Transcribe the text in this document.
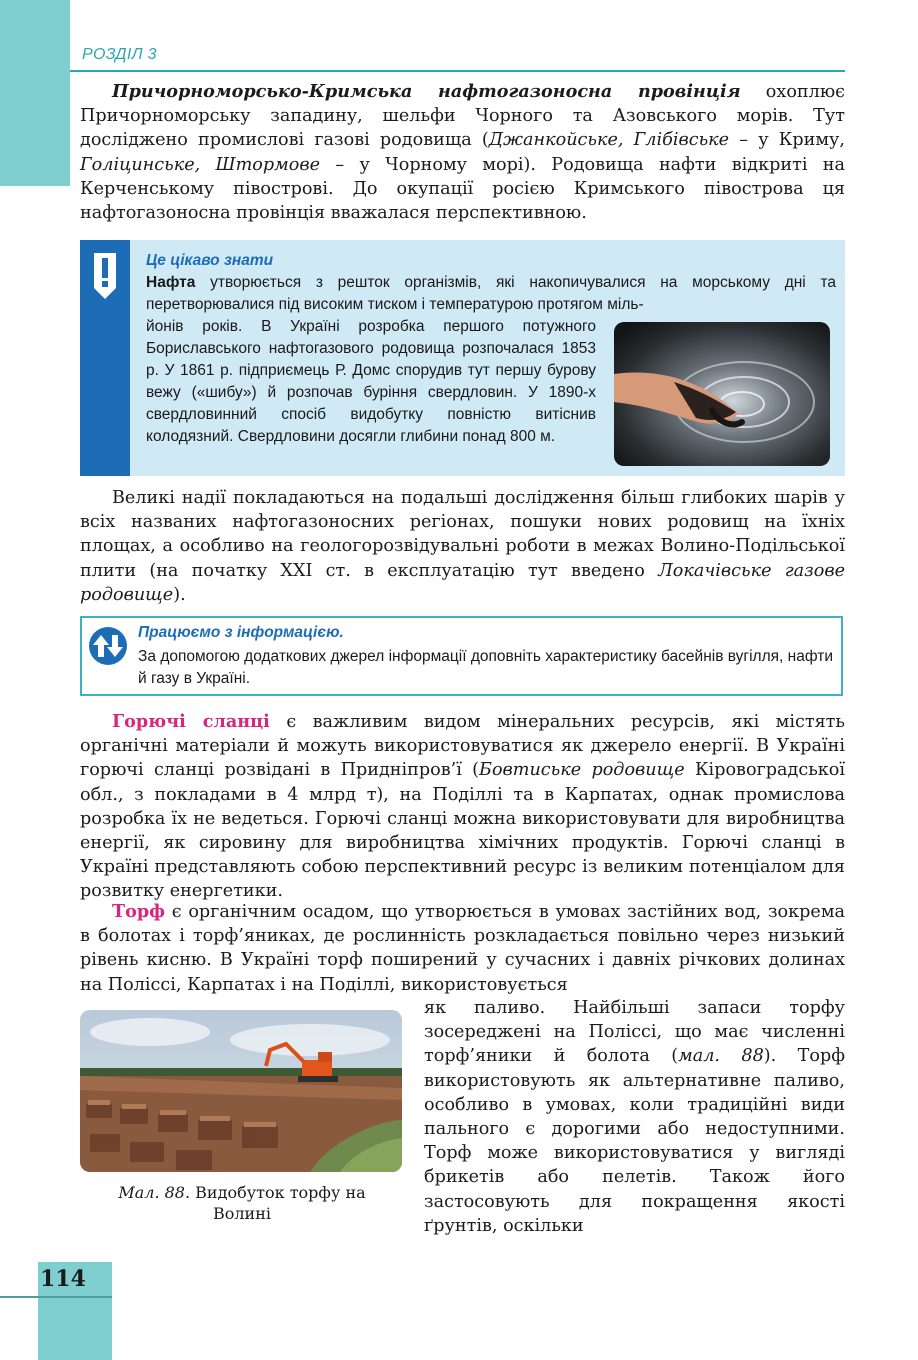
114
РОЗДІЛ 3
Причорноморсько-Кримська нафтогазоносна провінція охоплює Причорноморську западину, шельфи Чорного та Азовського морів. Тут досліджено промислові газові родовища (Джанкойське, Глібівське – у Криму, Голіцинське, Штормове – у Чорному морі). Родовища нафти відкриті на Керченському півострові. До окупації росією Кримського півострова ця нафтогазоносна провінція вважалася перспективною.
Це цікаво знати
Нафта утворюється з решток організмів, які накопичувалися на морському дні та перетворювалися під високим тиском і температурою протягом міль-
йонів років. В Україні розробка першого потужного Бориславського нафтогазового родовища розпочалася 1853 р. У 1861 р. підприємець Р. Домс спорудив тут першу бурову вежу («шибу») й розпочав буріння свердловин. У 1890-х свердловинний спосіб видобутку повністю витіснив колодязний. Свердловини досягли глибини понад 800 м.
Великі надії покладаються на подальші дослідження більш глибоких шарів у всіх названих нафтогазоносних регіонах, пошуки нових родовищ на їхніх площах, а особливо на геологорозвідувальні роботи в межах Волино-Подільської плити (на початку XXI ст. в експлуатацію тут введено Локачівське газове родовище).
Працюємо з інформацією.
За допомогою додаткових джерел інформації доповніть характеристику басейнів вугілля, нафти й газу в Україні.
Горючі сланці є важливим видом мінеральних ресурсів, які містять органічні матеріали й можуть використовуватися як джерело енергії. В Україні горючі сланці розвідані в Придніпров’ї (Бовтиське родовище Кіровоградської обл., з покладами в 4 млрд т), на Поділлі та в Карпатах, однак промислова розробка їх не ведеться. Горючі сланці можна використовувати для виробництва енергії, як сировину для виробництва хімічних продуктів. Горючі сланці в Україні представляють собою перспективний ресурс із великим потенціалом для розвитку енергетики.
Торф є органічним осадом, що утворюється в умовах застійних вод, зокрема в болотах і торф’яниках, де рослинність розкладається повільно через низький рівень кисню. В Україні торф поширений у сучасних і давніх річкових долинах на Поліссі, Карпатах і на Поділлі, використовується
Мал. 88. Видобуток торфу на Волині
як паливо. Найбільші запаси торфу зосереджені на Поліссі, що має численні торф’яники й болота (мал. 88). Торф використовують як альтернативне паливо, особливо в умовах, коли традиційні види пального є дорогими або недоступними. Торф може використовуватися у вигляді брикетів або пелетів. Також його застосовують для покращення якості ґрунтів, оскільки
